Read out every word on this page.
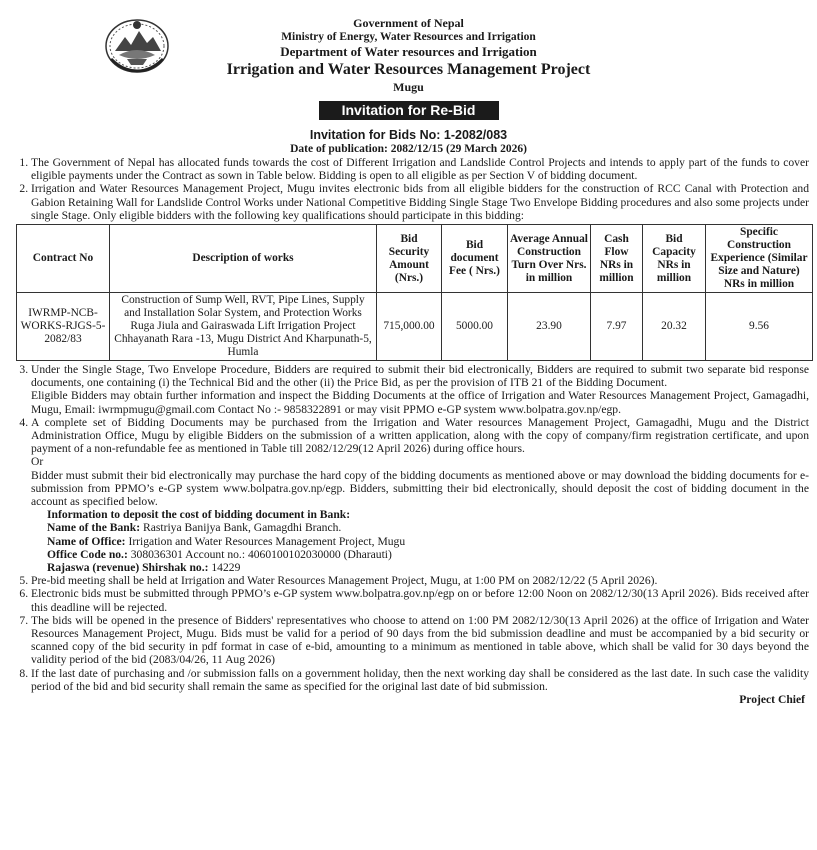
Government of Nepal
Ministry of Energy, Water Resources and Irrigation
Department of Water resources and Irrigation
Irrigation and Water Resources Management Project
Mugu
Invitation for Re-Bid
Invitation for Bids No: 1-2082/083
Date of publication: 2082/12/15 (29 March 2026)
1. The Government of Nepal has allocated funds towards the cost of Different Irrigation and Landslide Control Projects and intends to apply part of the funds to cover eligible payments under the Contract as sown in Table below. Bidding is open to all eligible as per Section V of bidding document.
2. Irrigation and Water Resources Management Project, Mugu invites electronic bids from all eligible bidders for the construction of RCC Canal with Protection and Gabion Retaining Wall for Landslide Control Works under National Competitive Bidding Single Stage Two Envelope Bidding procedures and also some projects under single Stage. Only eligible bidders with the following key qualifications should participate in this bidding:
Contract No	Description of works	Bid Security Amount (Nrs.)	Bid document Fee ( Nrs.)	Average Annual Construction Turn Over Nrs. in million	Cash Flow NRs in million	Bid Capacity NRs in million	Specific Construction Experience (Similar Size and Nature) NRs in million
IWRMP-NCB-WORKS-RJGS-5-2082/83	Construction of Sump Well, RVT, Pipe Lines, Supply and Installation Solar System, and Protection Works Ruga Jiula and Gairaswada Lift Irrigation Project Chhayanath Rara -13, Mugu District And Kharpunath-5, Humla	715,000.00	5000.00	23.90	7.97	20.32	9.56
3. Under the Single Stage, Two Envelope Procedure, Bidders are required to submit their bid electronically, Bidders are required to submit two separate bid response documents, one containing (i) the Technical Bid and the other (ii) the Price Bid, as per the provision of ITB 21 of the Bidding Document.
Eligible Bidders may obtain further information and inspect the Bidding Documents at the office of Irrigation and Water Resources Management Project, Gamagadhi, Mugu, Email: iwrmpmugu@gmail.com Contact No :- 9858322891 or may visit PPMO e-GP system www.bolpatra.gov.np/egp.
4. A complete set of Bidding Documents may be purchased from the Irrigation and Water resources Management Project, Gamagadhi, Mugu and the District Administration Office, Mugu by eligible Bidders on the submission of a written application, along with the copy of company/firm registration certificate, and upon payment of a non-refundable fee as mentioned in Table till 2082/12/29(12 April 2026) during office hours.
Or
Bidder must submit their bid electronically may purchase the hard copy of the bidding documents as mentioned above or may download the bidding documents for e-submission from PPMO’s e-GP system www.bolpatra.gov.np/egp. Bidders, submitting their bid electronically, should deposit the cost of bidding document in the account as specified below.
Information to deposit the cost of bidding document in Bank:
Name of the Bank: Rastriya Banijya Bank, Gamagdhi Branch.
Name of Office: Irrigation and Water Resources Management Project, Mugu
Office Code no.: 308036301 Account no.: 4060100102030000 (Dharauti)
Rajaswa (revenue) Shirshak no.: 14229
5. Pre-bid meeting shall be held at Irrigation and Water Resources Management Project, Mugu, at 1:00 PM on 2082/12/22 (5 April 2026).
6. Electronic bids must be submitted through PPMO’s e-GP system www.bolpatra.gov.np/egp on or before 12:00 Noon on 2082/12/30(13 April 2026). Bids received after this deadline will be rejected.
7. The bids will be opened in the presence of Bidders' representatives who choose to attend on 1:00 PM 2082/12/30(13 April 2026) at the office of Irrigation and Water Resources Management Project, Mugu. Bids must be valid for a period of 90 days from the bid submission deadline and must be accompanied by a bid security or scanned copy of the bid security in pdf format in case of e-bid, amounting to a minimum as mentioned in table above, which shall be valid for 30 days beyond the validity period of the bid (2083/04/26, 11 Aug 2026)
8. If the last date of purchasing and /or submission falls on a government holiday, then the next working day shall be considered as the last date. In such case the validity period of the bid and bid security shall remain the same as specified for the original last date of bid submission.
Project Chief
